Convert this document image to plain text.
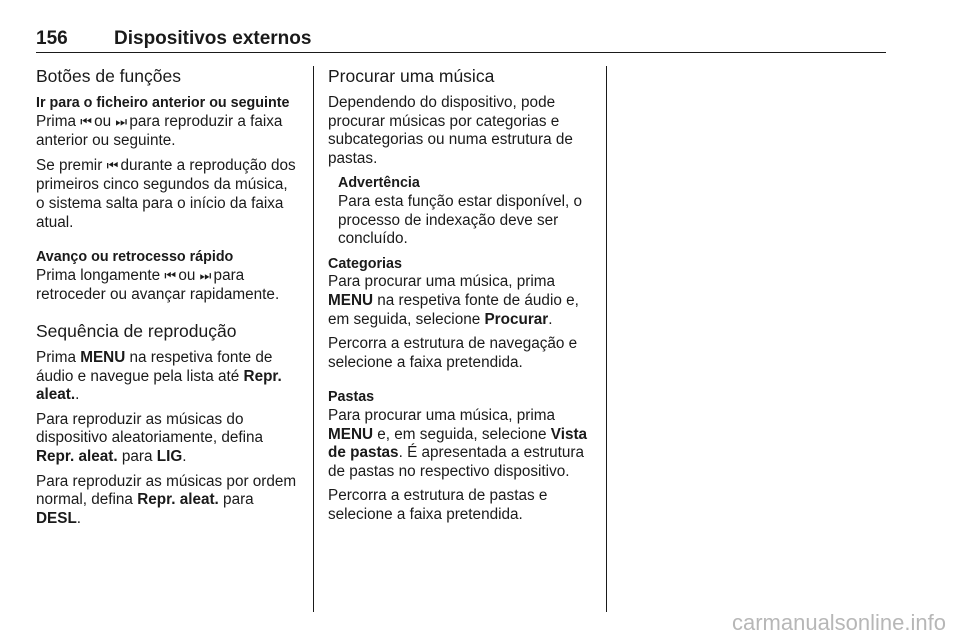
156 Dispositivos externos
Botões de funções
Ir para o ficheiro anterior ou seguinte

Prima ⏮ ou ⏭ para reproduzir a faixa anterior ou seguinte.

Se premir ⏮ durante a reprodução dos primeiros cinco segundos da música, o sistema salta para o início da faixa atual.

Avanço ou retrocesso rápido

Prima longamente ⏮ ou ⏭ para retroceder ou avançar rapidamente.

Sequência de reprodução

Prima MENU na respetiva fonte de áudio e navegue pela lista até Repr. aleat..

Para reproduzir as músicas do dispositivo aleatoriamente, defina Repr. aleat. para LIG.

Para reproduzir as músicas por ordem normal, defina Repr. aleat. para DESL.

Procurar uma música

Dependendo do dispositivo, pode procurar músicas por categorias e subcategorias ou numa estrutura de pastas.

Advertência
Para esta função estar disponível, o processo de indexação deve ser concluído.
Categorias

Para procurar uma música, prima MENU na respetiva fonte de áudio e, em seguida, selecione Procurar.

Percorra a estrutura de navegação e selecione a faixa pretendida.

Pastas

Para procurar uma música, prima MENU e, em seguida, selecione Vista de pastas. É apresentada a estrutura de pastas no respectivo dispositivo.

Percorra a estrutura de pastas e selecione a faixa pretendida.

carmanualsonline.info
